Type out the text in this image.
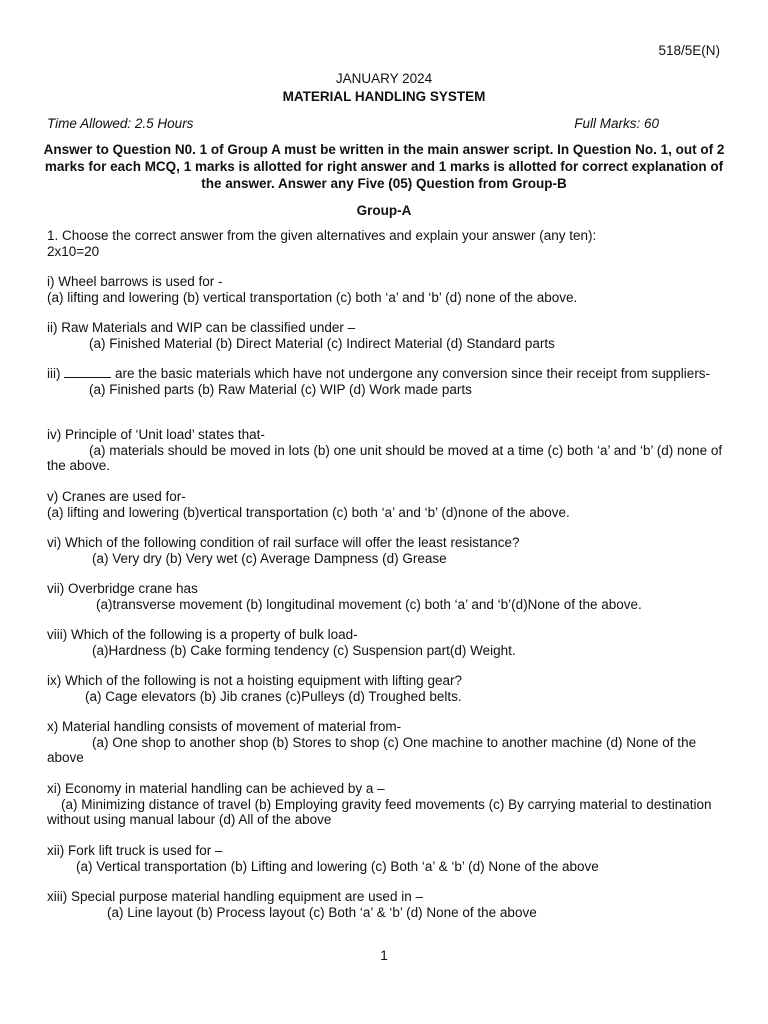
518/5E(N)
JANUARY 2024
MATERIAL HANDLING SYSTEM
Time Allowed: 2.5 Hours	Full Marks: 60
Answer to Question N0. 1 of Group A must be written in the main answer script. In Question No. 1, out of 2 marks for each MCQ, 1 marks is allotted for right answer and 1 marks is allotted for correct explanation of the answer. Answer any Five (05) Question from Group-B
Group-A
1. Choose the correct answer from the given alternatives and explain your answer (any ten):
2x10=20
i) Wheel barrows is used for -
(a) lifting and lowering (b) vertical transportation (c) both ‘a’ and ‘b’ (d) none of the above.
ii) Raw Materials and WIP can be classified under –
(a) Finished Material (b) Direct Material (c) Indirect Material (d) Standard parts
iii)	are the basic materials which have not undergone any conversion since their receipt from suppliers-
(a) Finished parts (b) Raw Material (c) WIP (d) Work made parts
iv) Principle of ‘Unit load’ states that-
(a) materials should be moved in lots (b) one unit should be moved at a time (c) both ‘a’ and ‘b’ (d) none of the above.
v) Cranes are used for-
(a) lifting and lowering (b)vertical transportation (c) both ‘a’ and ‘b’ (d)none of the above.
vi) Which of the following condition of rail surface will offer the least resistance?
(a) Very dry (b) Very wet (c) Average Dampness (d) Grease
vii) Overbridge crane has
(a)transverse movement (b) longitudinal movement (c) both ‘a’ and ‘b’(d)None of the above.
viii) Which of the following is a property of bulk load-
(a)Hardness (b) Cake forming tendency (c) Suspension part(d) Weight.
ix) Which of the following is not a hoisting equipment with lifting gear?
(a) Cage elevators (b) Jib cranes (c)Pulleys (d) Troughed belts.
x) Material handling consists of movement of material from-
(a) One shop to another shop (b) Stores to shop (c) One machine to another machine (d) None of the above
xi) Economy in material handling can be achieved by a –
(a) Minimizing distance of travel (b) Employing gravity feed movements (c) By carrying material to destination without using manual labour (d) All of the above
xii) Fork lift truck is used for –
(a) Vertical transportation (b) Lifting and lowering (c) Both ‘a’ & ‘b’ (d) None of the above
xiii) Special purpose material handling equipment are used in –
(a) Line layout (b) Process layout (c) Both ‘a’ & ‘b’ (d) None of the above
1
